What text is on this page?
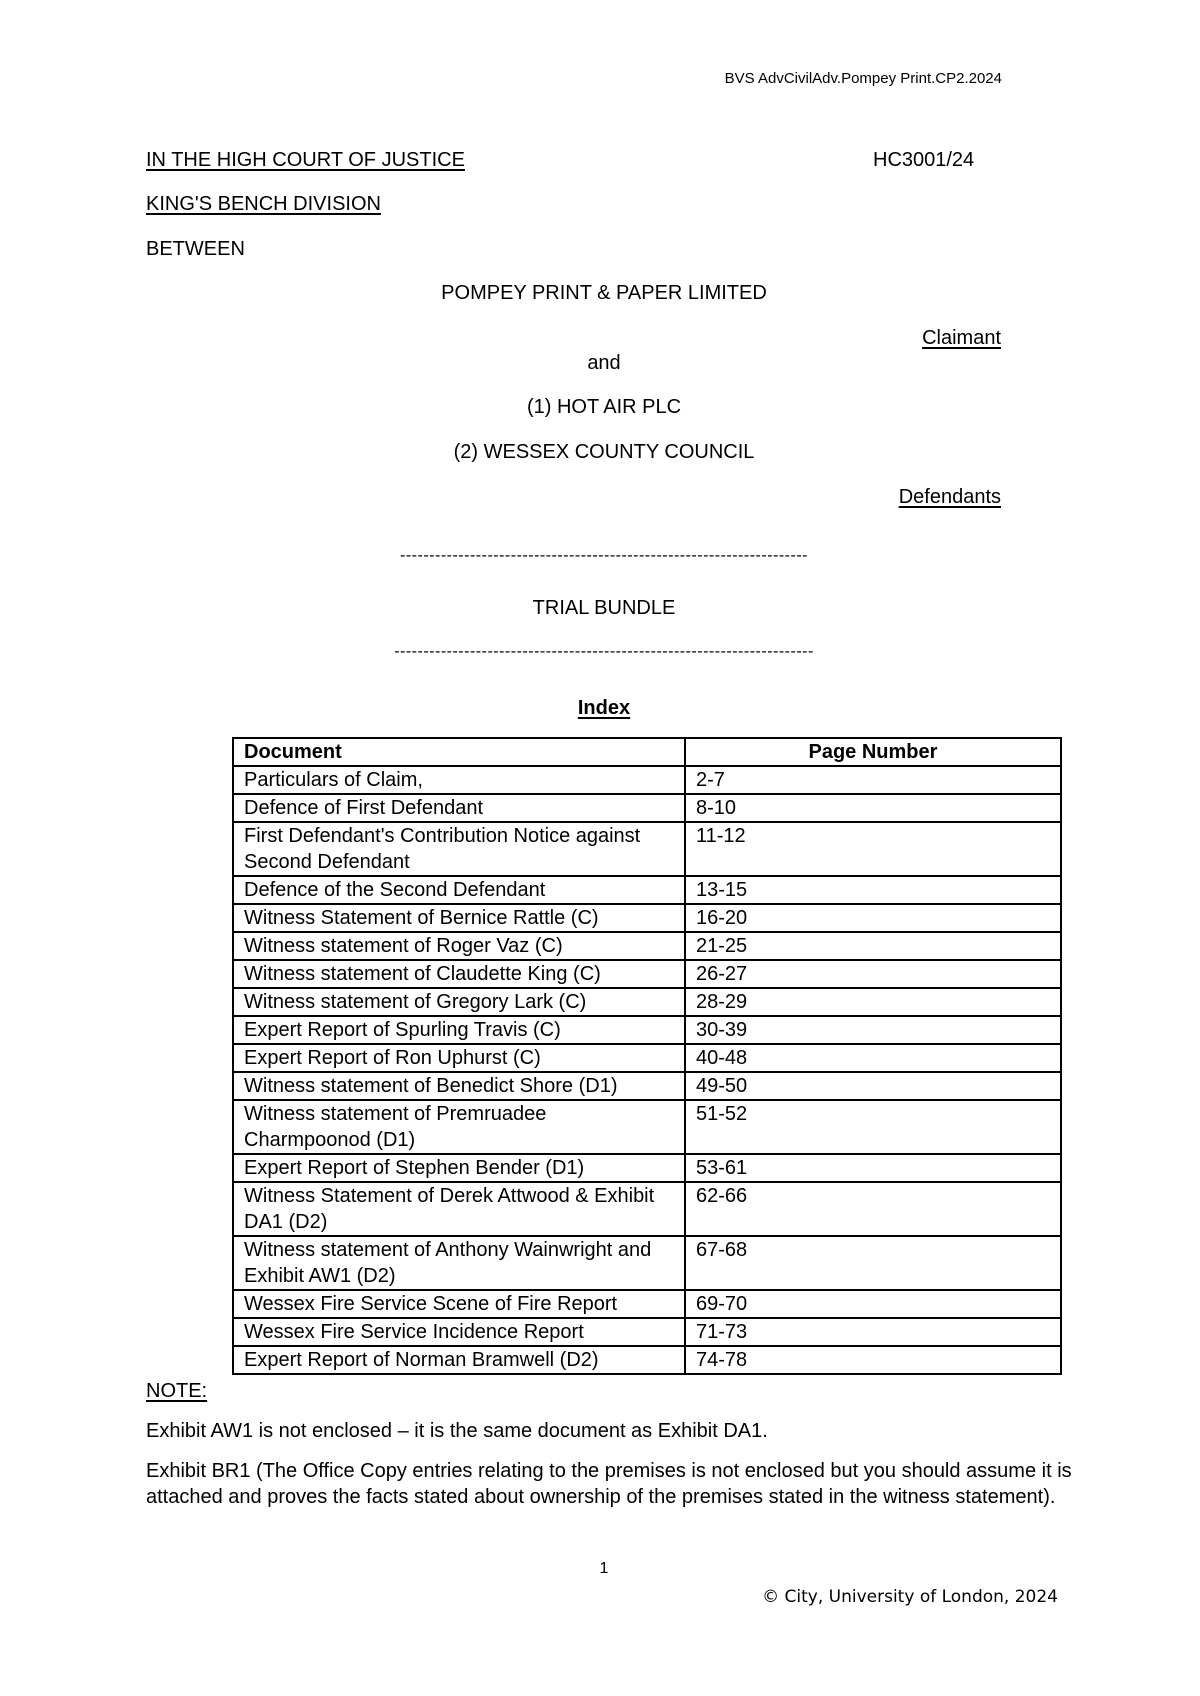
BVS AdvCivilAdv.Pompey Print.CP2.2024
IN THE HIGH COURT OF JUSTICE	HC3001/24
KING'S BENCH DIVISION
BETWEEN
POMPEY PRINT & PAPER LIMITED
Claimant
and
(1) HOT AIR PLC
(2) WESSEX COUNTY COUNCIL
Defendants
----------------------------------------------------------------------
TRIAL BUNDLE
------------------------------------------------------------------------
Index
Document	Page Number
Particulars of Claim,	2-7
Defence of First Defendant	8-10
First Defendant's Contribution Notice against Second Defendant	11-12
Defence of the Second Defendant	13-15
Witness Statement of Bernice Rattle (C)	16-20
Witness statement of Roger Vaz (C)	21-25
Witness statement of Claudette King (C)	26-27
Witness statement of Gregory Lark (C)	28-29
Expert Report of Spurling Travis (C)	30-39
Expert Report of Ron Uphurst (C)	40-48
Witness statement of Benedict Shore (D1)	49-50
Witness statement of Premruadee Charmpoonod (D1)	51-52
Expert Report of Stephen Bender (D1)	53-61
Witness Statement of Derek Attwood & Exhibit DA1 (D2)	62-66
Witness statement of Anthony Wainwright and Exhibit AW1 (D2)	67-68
Wessex Fire Service Scene of Fire Report	69-70
Wessex Fire Service Incidence Report	71-73
Expert Report of Norman Bramwell (D2)	74-78
NOTE:
Exhibit AW1 is not enclosed – it is the same document as Exhibit DA1.
Exhibit BR1 (The Office Copy entries relating to the premises is not enclosed but you should assume it is attached and proves the facts stated about ownership of the premises stated in the witness statement).
1
© City, University of London, 2024
